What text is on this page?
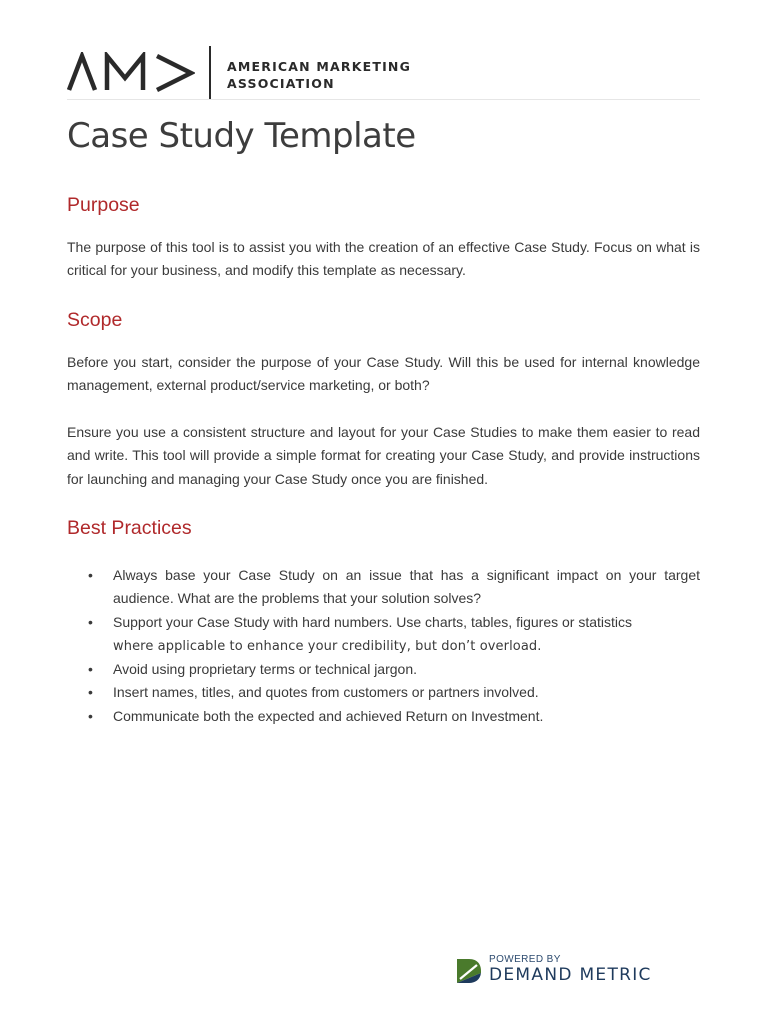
AMERICAN MARKETING
ASSOCIATION
Case Study Template
Purpose

The purpose of this tool is to assist you with the creation of an effective Case Study. Focus on what is critical for your business, and modify this template as necessary.

Scope

Before you start, consider the purpose of your Case Study. Will this be used for internal knowledge management, external product/service marketing, or both?

Ensure you use a consistent structure and layout for your Case Studies to make them easier to read and write. This tool will provide a simple format for creating your Case Study, and provide instructions for launching and managing your Case Study once you are finished.

Best Practices
• Always base your Case Study on an issue that has a significant impact on your target audience. What are the problems that your solution solves?
• Support your Case Study with hard numbers. Use charts, tables, figures or statistics
where applicable to enhance your credibility, but don’t overload.
• Avoid using proprietary terms or technical jargon.
• Insert names, titles, and quotes from customers or partners involved.
• Communicate both the expected and achieved Return on Investment.
POWERED BY
DEMAND METRIC
